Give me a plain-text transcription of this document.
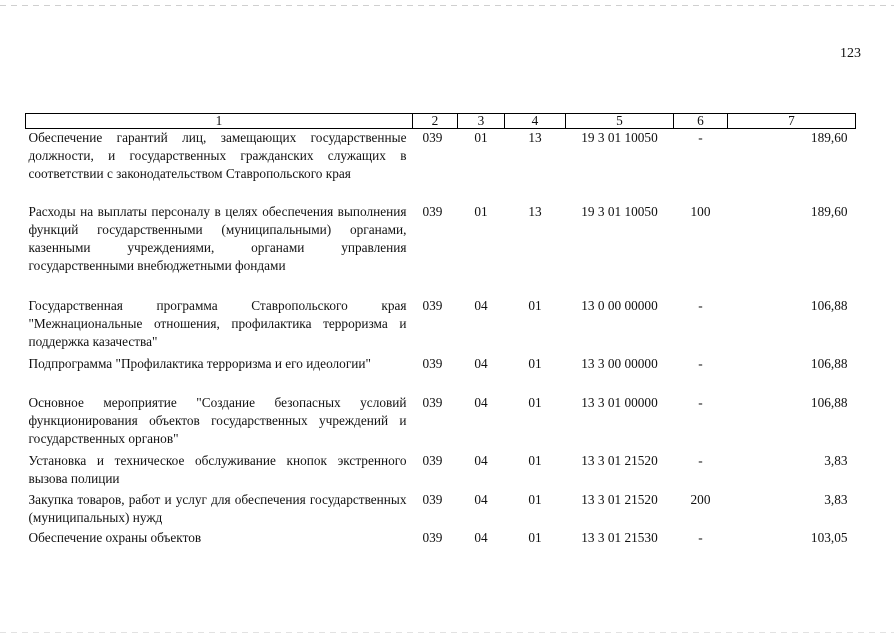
123
1	2	3	4	5	6	7
Обеспечение гарантий лиц, замещающих государственные должности, и государственных гражданских служащих в соответствии с законодательством Ставропольского края	039	01	13	19 3 01 10050	-	189,60
Расходы на выплаты персоналу в целях обеспечения выполнения функций государственными (муниципальными) органами, казенными учреждениями, органами управления государственными внебюджетными фондами	039	01	13	19 3 01 10050	100	189,60
Государственная программа Ставропольского края "Межнациональные отношения, профилактика терроризма и поддержка казачества"	039	04	01	13 0 00 00000	-	106,88
Подпрограмма "Профилактика терроризма и его идеологии"	039	04	01	13 3 00 00000	-	106,88
Основное мероприятие "Создание безопасных условий функционирования объектов государственных учреждений и государственных органов"	039	04	01	13 3 01 00000	-	106,88
Установка и техническое обслуживание кнопок экстренного вызова полиции	039	04	01	13 3 01 21520	-	3,83
Закупка товаров, работ и услуг для обеспечения государственных (муниципальных) нужд	039	04	01	13 3 01 21520	200	3,83
Обеспечение охраны объектов	039	04	01	13 3 01 21530	-	103,05
